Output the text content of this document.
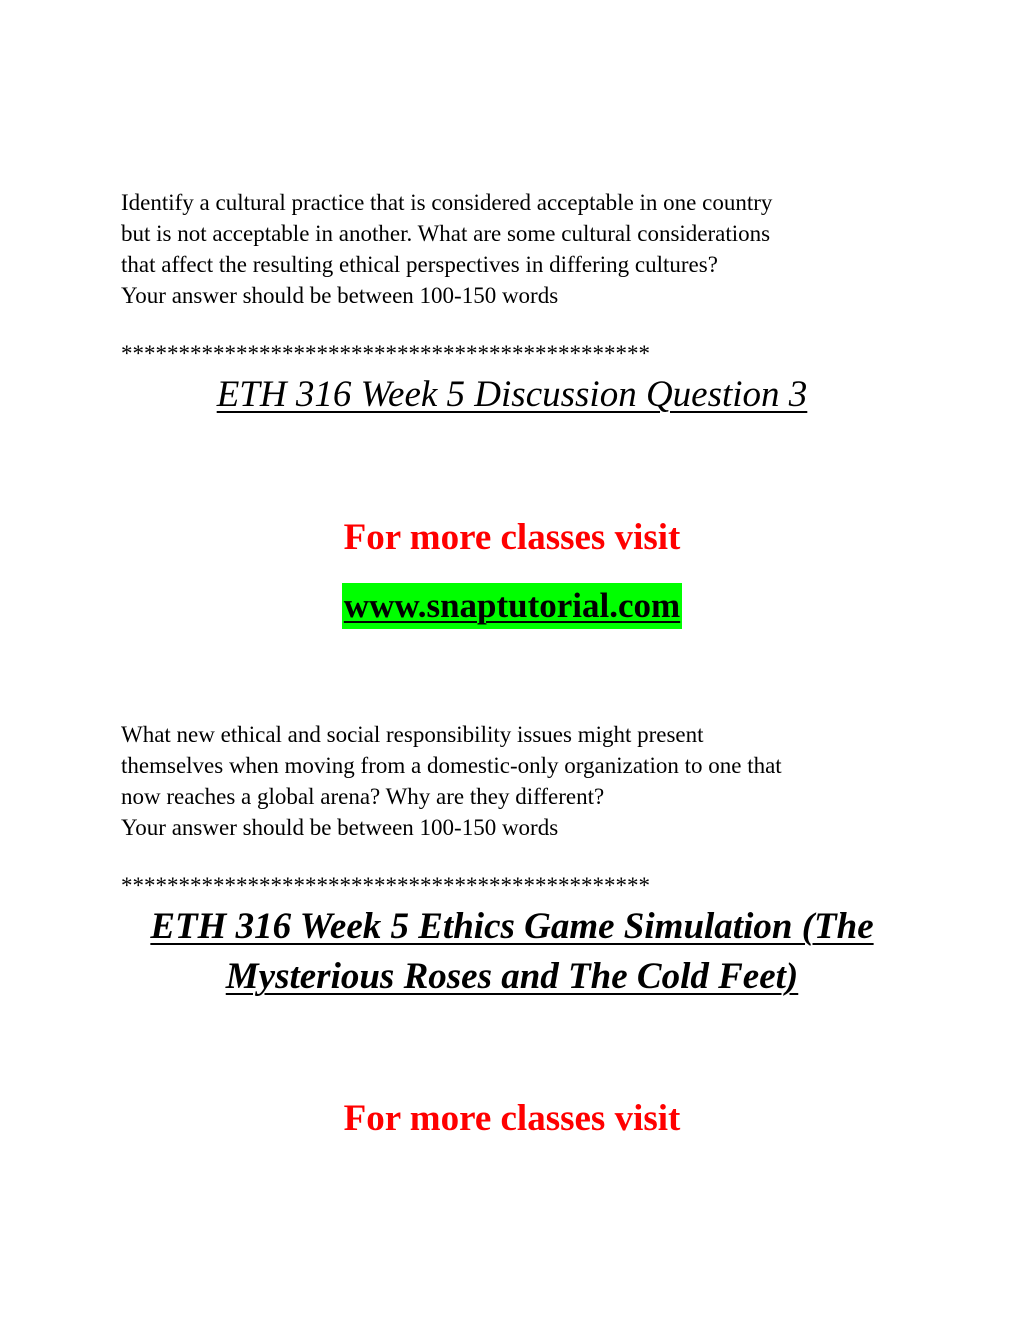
Identify a cultural practice that is considered acceptable in one country
but is not acceptable in another. What are some cultural considerations
that affect the resulting ethical perspectives in differing cultures?
Your answer should be between 100-150 words
**********************************************
ETH 316 Week 5 Discussion Question 3

For more classes visit

www.snaptutorial.com
What new ethical and social responsibility issues might present
themselves when moving from a domestic-only organization to one that
now reaches a global arena? Why are they different?
Your answer should be between 100-150 words
**********************************************
ETH 316 Week 5 Ethics Game Simulation (The
Mysterious Roses and The Cold Feet)

For more classes visit
